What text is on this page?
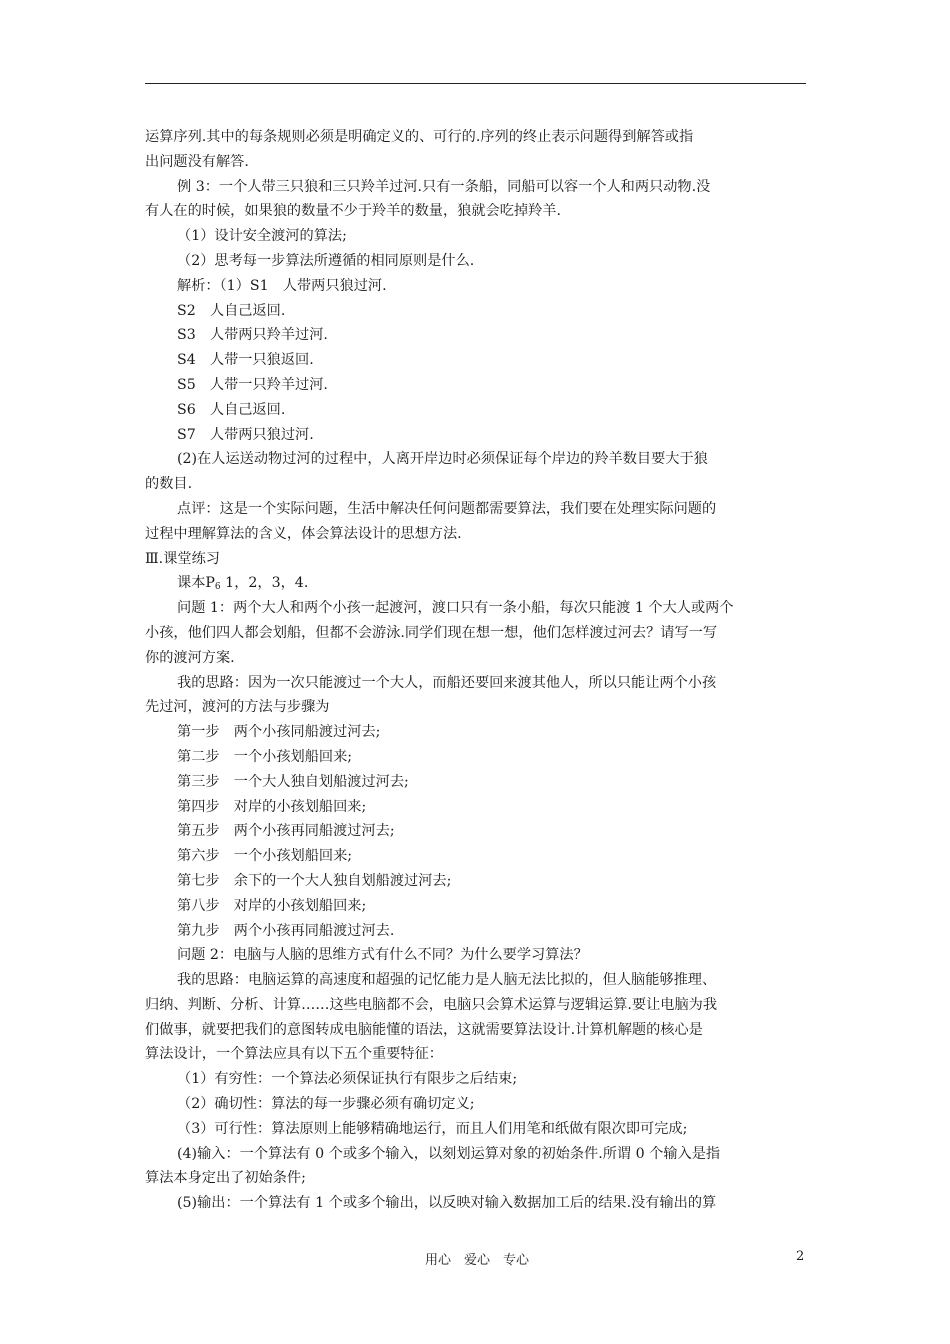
运算序列.其中的每条规则必须是明确定义的、可行的.序列的终止表示问题得到解答或指

出问题没有解答.

例 3：一个人带三只狼和三只羚羊过河.只有一条船，同船可以容一个人和两只动物.没

有人在的时候，如果狼的数量不少于羚羊的数量，狼就会吃掉羚羊.

（1）设计安全渡河的算法;

（2）思考每一步算法所遵循的相同原则是什么.

解析：（1）S1　人带两只狼过河.

S2　人自己返回.

S3　人带两只羚羊过河.

S4　人带一只狼返回.

S5　人带一只羚羊过河.

S6　人自己返回.

S7　人带两只狼过河.

(2)在人运送动物过河的过程中，人离开岸边时必须保证每个岸边的羚羊数目要大于狼

的数目.

点评：这是一个实际问题，生活中解决任何问题都需要算法，我们要在处理实际问题的

过程中理解算法的含义，体会算法设计的思想方法.

Ⅲ.课堂练习

课本$P_6$ 1，2，3，4.

问题 1：两个大人和两个小孩一起渡河，渡口只有一条小船，每次只能渡 1 个大人或两个

小孩，他们四人都会划船，但都不会游泳.同学们现在想一想，他们怎样渡过河去？请写一写

你的渡河方案.

我的思路：因为一次只能渡过一个大人，而船还要回来渡其他人，所以只能让两个小孩

先过河，渡河的方法与步骤为

第一步　两个小孩同船渡过河去;

第二步　一个小孩划船回来;

第三步　一个大人独自划船渡过河去;

第四步　对岸的小孩划船回来;

第五步　两个小孩再同船渡过河去;

第六步　一个小孩划船回来;

第七步　余下的一个大人独自划船渡过河去;

第八步　对岸的小孩划船回来;

第九步　两个小孩再同船渡过河去.

问题 2：电脑与人脑的思维方式有什么不同？为什么要学习算法？

我的思路：电脑运算的高速度和超强的记忆能力是人脑无法比拟的，但人脑能够推理、

归纳、判断、分析、计算……这些电脑都不会，电脑只会算术运算与逻辑运算.要让电脑为我

们做事，就要把我们的意图转成电脑能懂的语法，这就需要算法设计.计算机解题的核心是

算法设计，一个算法应具有以下五个重要特征：

（1）有穷性：一个算法必须保证执行有限步之后结束;

（2）确切性：算法的每一步骤必须有确切定义;

（3）可行性：算法原则上能够精确地运行，而且人们用笔和纸做有限次即可完成;

(4)输入：一个算法有 0 个或多个输入，以刻划运算对象的初始条件.所谓 0 个输入是指

算法本身定出了初始条件;

(5)输出：一个算法有 1 个或多个输出，以反映对输入数据加工后的结果.没有输出的算

用心　爱心　专心	2
